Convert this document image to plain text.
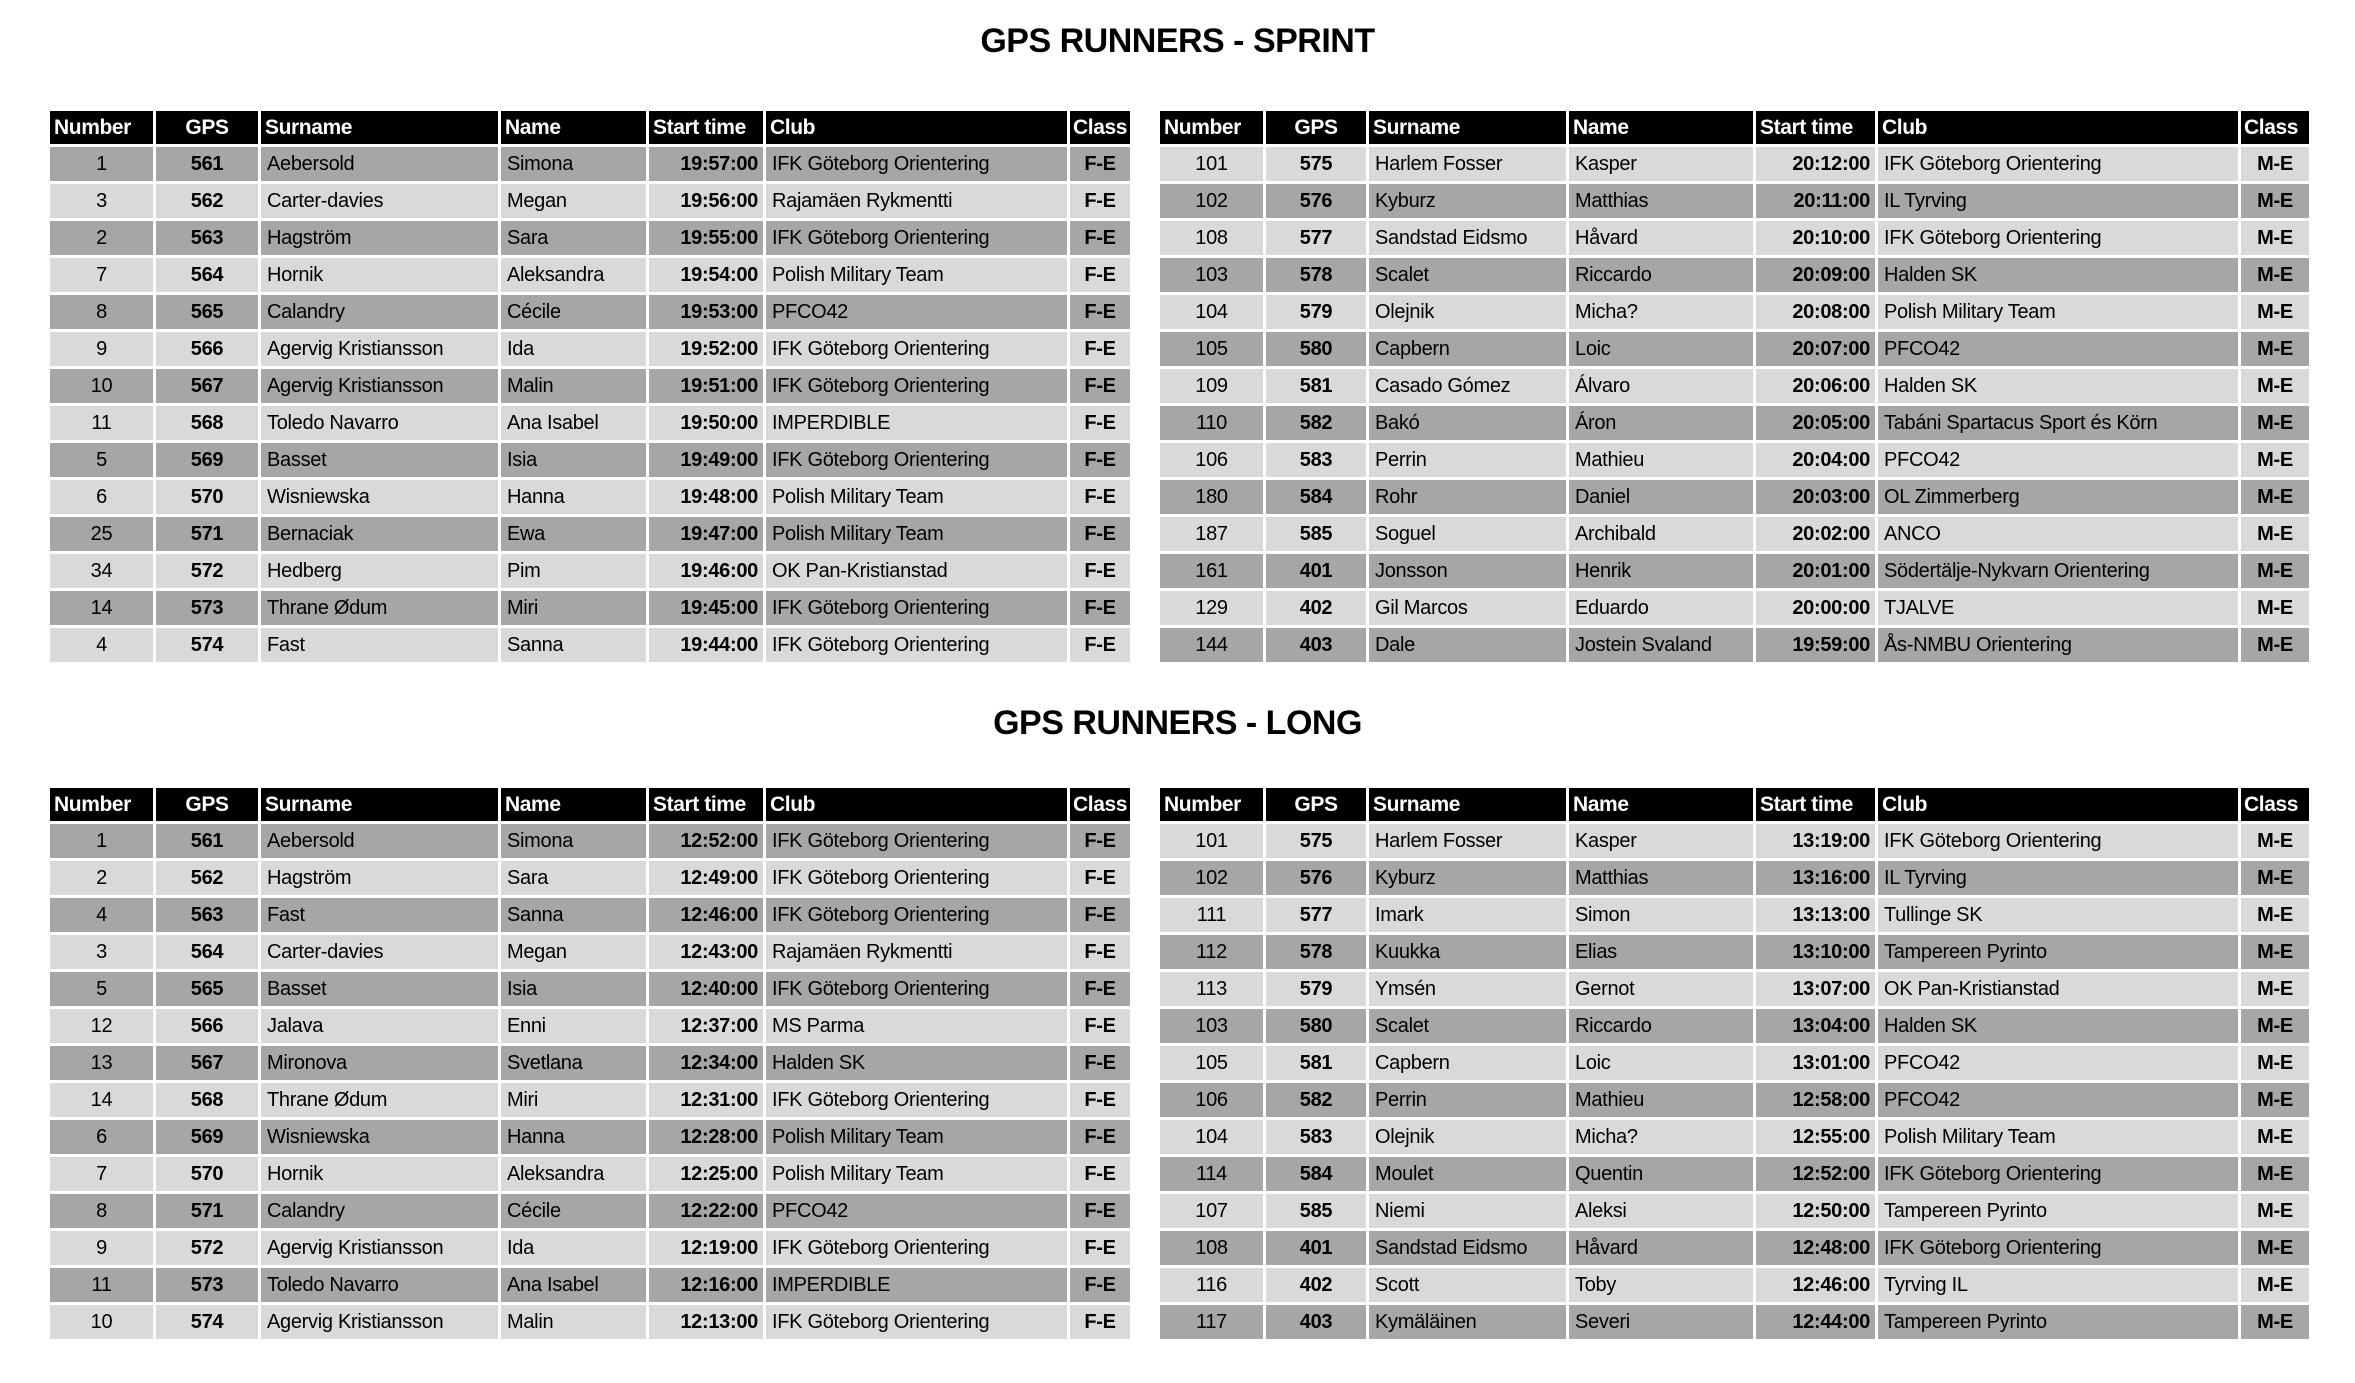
GPS RUNNERS - SPRINT
Number	GPS	Surname	Name	Start time	Club	Class
1	561	Aebersold	Simona	19:57:00	IFK Göteborg Orientering	F-E
3	562	Carter-davies	Megan	19:56:00	Rajamäen Rykmentti	F-E
2	563	Hagström	Sara	19:55:00	IFK Göteborg Orientering	F-E
7	564	Hornik	Aleksandra	19:54:00	Polish Military Team	F-E
8	565	Calandry	Cécile	19:53:00	PFCO42	F-E
9	566	Agervig Kristiansson	Ida	19:52:00	IFK Göteborg Orientering	F-E
10	567	Agervig Kristiansson	Malin	19:51:00	IFK Göteborg Orientering	F-E
11	568	Toledo Navarro	Ana Isabel	19:50:00	IMPERDIBLE	F-E
5	569	Basset	Isia	19:49:00	IFK Göteborg Orientering	F-E
6	570	Wisniewska	Hanna	19:48:00	Polish Military Team	F-E
25	571	Bernaciak	Ewa	19:47:00	Polish Military Team	F-E
34	572	Hedberg	Pim	19:46:00	OK Pan-Kristianstad	F-E
14	573	Thrane Ødum	Miri	19:45:00	IFK Göteborg Orientering	F-E
4	574	Fast	Sanna	19:44:00	IFK Göteborg Orientering	F-E
Number	GPS	Surname	Name	Start time	Club	Class
101	575	Harlem Fosser	Kasper	20:12:00	IFK Göteborg Orientering	M-E
102	576	Kyburz	Matthias	20:11:00	IL Tyrving	M-E
108	577	Sandstad Eidsmo	Håvard	20:10:00	IFK Göteborg Orientering	M-E
103	578	Scalet	Riccardo	20:09:00	Halden SK	M-E
104	579	Olejnik	Micha?	20:08:00	Polish Military Team	M-E
105	580	Capbern	Loic	20:07:00	PFCO42	M-E
109	581	Casado Gómez	Álvaro	20:06:00	Halden SK	M-E
110	582	Bakó	Áron	20:05:00	Tabáni Spartacus Sport és Körn	M-E
106	583	Perrin	Mathieu	20:04:00	PFCO42	M-E
180	584	Rohr	Daniel	20:03:00	OL Zimmerberg	M-E
187	585	Soguel	Archibald	20:02:00	ANCO	M-E
161	401	Jonsson	Henrik	20:01:00	Södertälje-Nykvarn Orientering	M-E
129	402	Gil Marcos	Eduardo	20:00:00	TJALVE	M-E
144	403	Dale	Jostein Svaland	19:59:00	Ås-NMBU Orientering	M-E
GPS RUNNERS - LONG
Number	GPS	Surname	Name	Start time	Club	Class
1	561	Aebersold	Simona	12:52:00	IFK Göteborg Orientering	F-E
2	562	Hagström	Sara	12:49:00	IFK Göteborg Orientering	F-E
4	563	Fast	Sanna	12:46:00	IFK Göteborg Orientering	F-E
3	564	Carter-davies	Megan	12:43:00	Rajamäen Rykmentti	F-E
5	565	Basset	Isia	12:40:00	IFK Göteborg Orientering	F-E
12	566	Jalava	Enni	12:37:00	MS Parma	F-E
13	567	Mironova	Svetlana	12:34:00	Halden SK	F-E
14	568	Thrane Ødum	Miri	12:31:00	IFK Göteborg Orientering	F-E
6	569	Wisniewska	Hanna	12:28:00	Polish Military Team	F-E
7	570	Hornik	Aleksandra	12:25:00	Polish Military Team	F-E
8	571	Calandry	Cécile	12:22:00	PFCO42	F-E
9	572	Agervig Kristiansson	Ida	12:19:00	IFK Göteborg Orientering	F-E
11	573	Toledo Navarro	Ana Isabel	12:16:00	IMPERDIBLE	F-E
10	574	Agervig Kristiansson	Malin	12:13:00	IFK Göteborg Orientering	F-E
Number	GPS	Surname	Name	Start time	Club	Class
101	575	Harlem Fosser	Kasper	13:19:00	IFK Göteborg Orientering	M-E
102	576	Kyburz	Matthias	13:16:00	IL Tyrving	M-E
111	577	Imark	Simon	13:13:00	Tullinge SK	M-E
112	578	Kuukka	Elias	13:10:00	Tampereen Pyrinto	M-E
113	579	Ymsén	Gernot	13:07:00	OK Pan-Kristianstad	M-E
103	580	Scalet	Riccardo	13:04:00	Halden SK	M-E
105	581	Capbern	Loic	13:01:00	PFCO42	M-E
106	582	Perrin	Mathieu	12:58:00	PFCO42	M-E
104	583	Olejnik	Micha?	12:55:00	Polish Military Team	M-E
114	584	Moulet	Quentin	12:52:00	IFK Göteborg Orientering	M-E
107	585	Niemi	Aleksi	12:50:00	Tampereen Pyrinto	M-E
108	401	Sandstad Eidsmo	Håvard	12:48:00	IFK Göteborg Orientering	M-E
116	402	Scott	Toby	12:46:00	Tyrving IL	M-E
117	403	Kymäläinen	Severi	12:44:00	Tampereen Pyrinto	M-E
